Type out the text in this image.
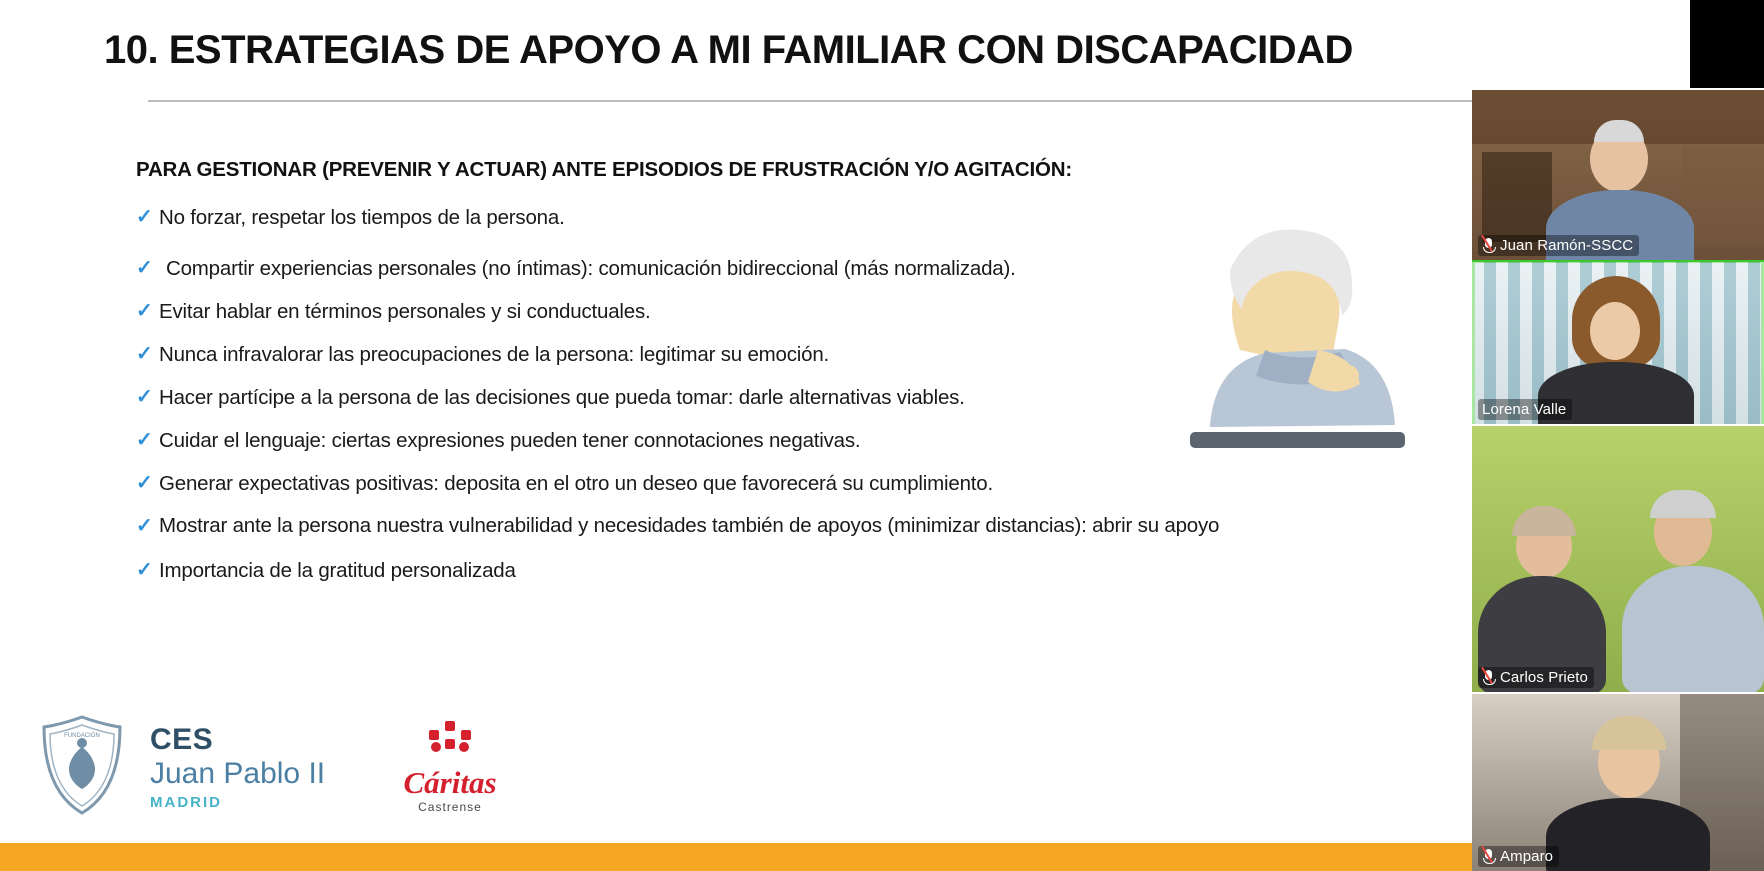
10. ESTRATEGIAS DE APOYO A MI FAMILIAR CON DISCAPACIDAD
PARA GESTIONAR (PREVENIR Y ACTUAR) ANTE EPISODIOS DE FRUSTRACIÓN Y/O AGITACIÓN:
✓ No forzar, respetar los tiempos de la persona.
✓ Compartir experiencias personales (no íntimas): comunicación bidireccional (más normalizada).
✓ Evitar hablar en términos personales y si conductuales.
✓ Nunca infravalorar las preocupaciones de la persona: legitimar su emoción.
✓ Hacer partícipe a la persona de las decisiones que pueda tomar: darle alternativas viables.
✓ Cuidar el lenguaje: ciertas expresiones pueden tener connotaciones negativas.
✓ Generar expectativas positivas: deposita en el otro un deseo que favorecerá su cumplimiento.
✓ Mostrar ante la persona nuestra vulnerabilidad y necesidades también de apoyos (minimizar distancias): abrir su apoyo
✓ Importancia de la gratitud personalizada
FUNDACIÓN CES
Juan Pablo II
MADRID
Cáritas
Castrense
Juan Ramón-SSCC
Lorena Valle
Carlos Prieto
Amparo
